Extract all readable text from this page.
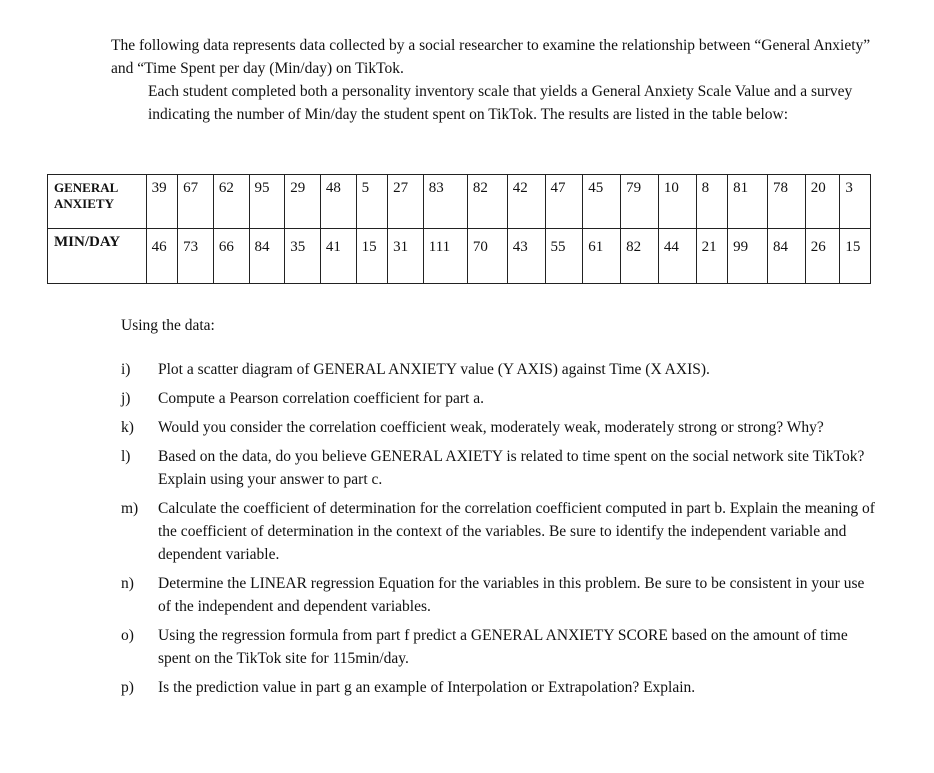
The following data represents data collected by a social researcher to examine the relationship between “General Anxiety” and “Time Spent per day (Min/day) on TikTok.

Each student completed both a personality inventory scale that yields a General Anxiety Scale Value and a survey indicating the number of Min/day the student spent on TikTok. The results are listed in the table below:

GENERAL
ANXIETY	39	67	62	95	29	48	5	27	83	82	42	47	45	79	10	8	81	78	20	3
MIN/DAY	46	73	66	84	35	41	15	31	111	70	43	55	61	82	44	21	99	84	26	15

Using the data:

i) Plot a scatter diagram of GENERAL ANXIETY value (Y AXIS) against Time (X AXIS).
j) Compute a Pearson correlation coefficient for part a.
k) Would you consider the correlation coefficient weak, moderately weak, moderately strong or strong? Why?
l) Based on the data, do you believe GENERAL AXIETY is related to time spent on the social network site TikTok? Explain using your answer to part c.
m) Calculate the coefficient of determination for the correlation coefficient computed in part b. Explain the meaning of the coefficient of determination in the context of the variables. Be sure to identify the independent variable and dependent variable.
n) Determine the LINEAR regression Equation for the variables in this problem. Be sure to be consistent in your use of the independent and dependent variables.
o) Using the regression formula from part f predict a GENERAL ANXIETY SCORE based on the amount of time spent on the TikTok site for 115min/day.
p) Is the prediction value in part g an example of Interpolation or Extrapolation? Explain.
